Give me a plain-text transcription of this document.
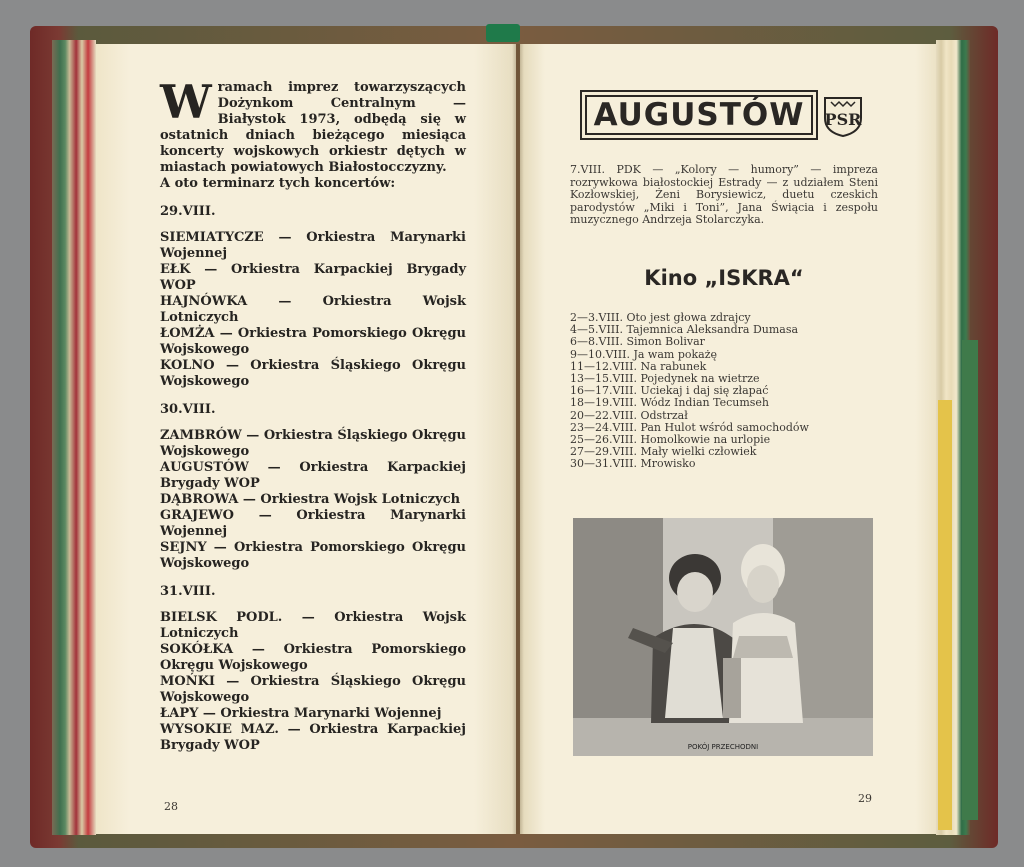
W ramach imprez towarzyszących Dożynkom Centralnym — Białystok 1973, odbędą się w ostatnich dniach bieżącego miesiąca koncerty wojskowych orkiestr dętych w miastach powiatowych Białostocczyzny.
A oto terminarz tych koncertów:
29.VIII.
SIEMIATYCZE — Orkiestra Marynarki Wojennej
EŁK — Orkiestra Karpackiej Brygady WOP
HAJNÓWKA — Orkiestra Wojsk Lotniczych
ŁOMŻA — Orkiestra Pomorskiego Okręgu Wojskowego
KOLNO — Orkiestra Śląskiego Okręgu Wojskowego
30.VIII.
ZAMBRÓW — Orkiestra Śląskiego Okręgu Wojskowego
AUGUSTÓW — Orkiestra Karpackiej Brygady WOP
DĄBROWA — Orkiestra Wojsk Lotniczych
GRAJEWO — Orkiestra Marynarki Wojennej
SEJNY — Orkiestra Pomorskiego Okręgu Wojskowego
31.VIII.
BIELSK PODL. — Orkiestra Wojsk Lotniczych
SOKÓŁKA — Orkiestra Pomorskiego Okręgu Wojskowego
MOŃKI — Orkiestra Śląskiego Okręgu Wojskowego
ŁAPY — Orkiestra Marynarki Wojennej
WYSOKIE MAZ. — Orkiestra Karpackiej Brygady WOP
28
AUGUSTÓW	PSR
7.VIII. PDK — „Kolory — humory” — impreza rozrywkowa białostockiej Estrady — z udziałem Steni Kozłowskiej, Żeni Borysiewicz, duetu czeskich parodystów „Miki i Toni”, Jana Świącia i zespołu muzycznego Andrzeja Stolarczyka.
Kino „ISKRA“
2—3.VIII. Oto jest głowa zdrajcy
4—5.VIII. Tajemnica Aleksandra Dumasa
6—8.VIII. Simon Bolivar
9—10.VIII. Ja wam pokażę
11—12.VIII. Na rabunek
13—15.VIII. Pojedynek na wietrze
16—17.VIII. Uciekaj i daj się złapać
18—19.VIII. Wódz Indian Tecumseh
20—22.VIII. Odstrzał
23—24.VIII. Pan Hulot wśród samochodów
25—26.VIII. Homolkowie na urlopie
27—29.VIII. Mały wielki człowiek
30—31.VIII. Mrowisko
POKÓJ PRZECHODNI
29
